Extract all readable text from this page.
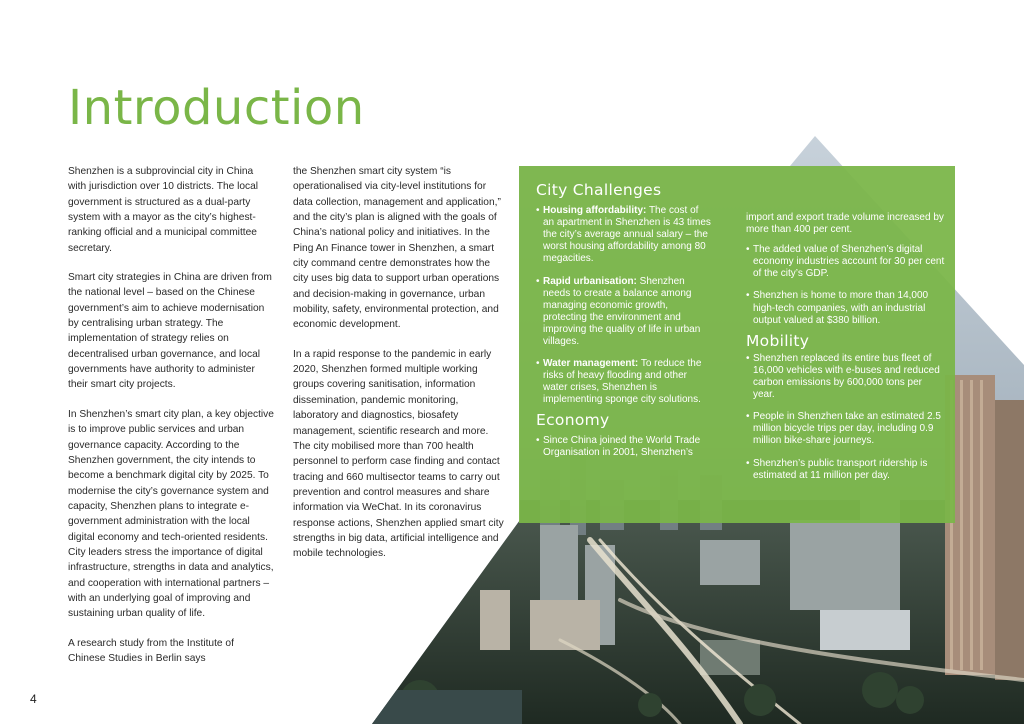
Introduction

Shenzhen is a subprovincial city in China with jurisdiction over 10 districts. The local government is structured as a dual-party system with a mayor as the city’s highest-ranking official and a municipal committee secretary.

Smart city strategies in China are driven from the national level – based on the Chinese government’s aim to achieve modernisation by centralising urban strategy. The implementation of strategy relies on decentralised urban governance, and local governments have authority to administer their smart city projects.

In Shenzhen’s smart city plan, a key objective is to improve public services and urban governance capacity. According to the Shenzhen government, the city intends to become a benchmark digital city by 2025. To modernise the city’s governance system and capacity, Shenzhen plans to integrate e-government administration with the local digital economy and tech-oriented residents. City leaders stress the importance of digital infrastructure, strengths in data and analytics, and cooperation with international partners – with an underlying goal of improving and sustaining urban quality of life.

A research study from the Institute of Chinese Studies in Berlin says

the Shenzhen smart city system “is operationalised via city-level institutions for data collection, management and application,” and the city’s plan is aligned with the goals of China’s national policy and initiatives. In the Ping An Finance tower in Shenzhen, a smart city command centre demonstrates how the city uses big data to support urban operations and decision-making in governance, urban mobility, safety, environmental protection, and economic development.

In a rapid response to the pandemic in early 2020, Shenzhen formed multiple working groups covering sanitisation, information dissemination, pandemic monitoring, laboratory and diagnostics, biosafety management, scientific research and more. The city mobilised more than 700 health personnel to perform case finding and contact tracing and 660 multisector teams to carry out prevention and control measures and share information via WeChat. In its coronavirus response actions, Shenzhen applied smart city strengths in big data, artificial intelligence and mobile technologies.

City Challenges
• Housing affordability: The cost of an apartment in Shenzhen is 43 times the city’s average annual salary – the worst housing affordability among 80 megacities.
• Rapid urbanisation: Shenzhen needs to create a balance among managing economic growth, protecting the environment and improving the quality of life in urban villages.
• Water management: To reduce the risks of heavy flooding and other water crises, Shenzhen is implementing sponge city solutions.
Economy
• Since China joined the World Trade Organisation in 2001, Shenzhen’s
import and export trade volume increased by more than 400 per cent.
• The added value of Shenzhen’s digital economy industries account for 30 per cent of the city’s GDP.
• Shenzhen is home to more than 14,000 high-tech companies, with an industrial output valued at $380 billion.
Mobility
• Shenzhen replaced its entire bus fleet of 16,000 vehicles with e-buses and reduced carbon emissions by 600,000 tons per year.
• People in Shenzhen take an estimated 2.5 million bicycle trips per day, including 0.9 million bike-share journeys.
• Shenzhen’s public transport ridership is estimated at 11 million per day.
4
